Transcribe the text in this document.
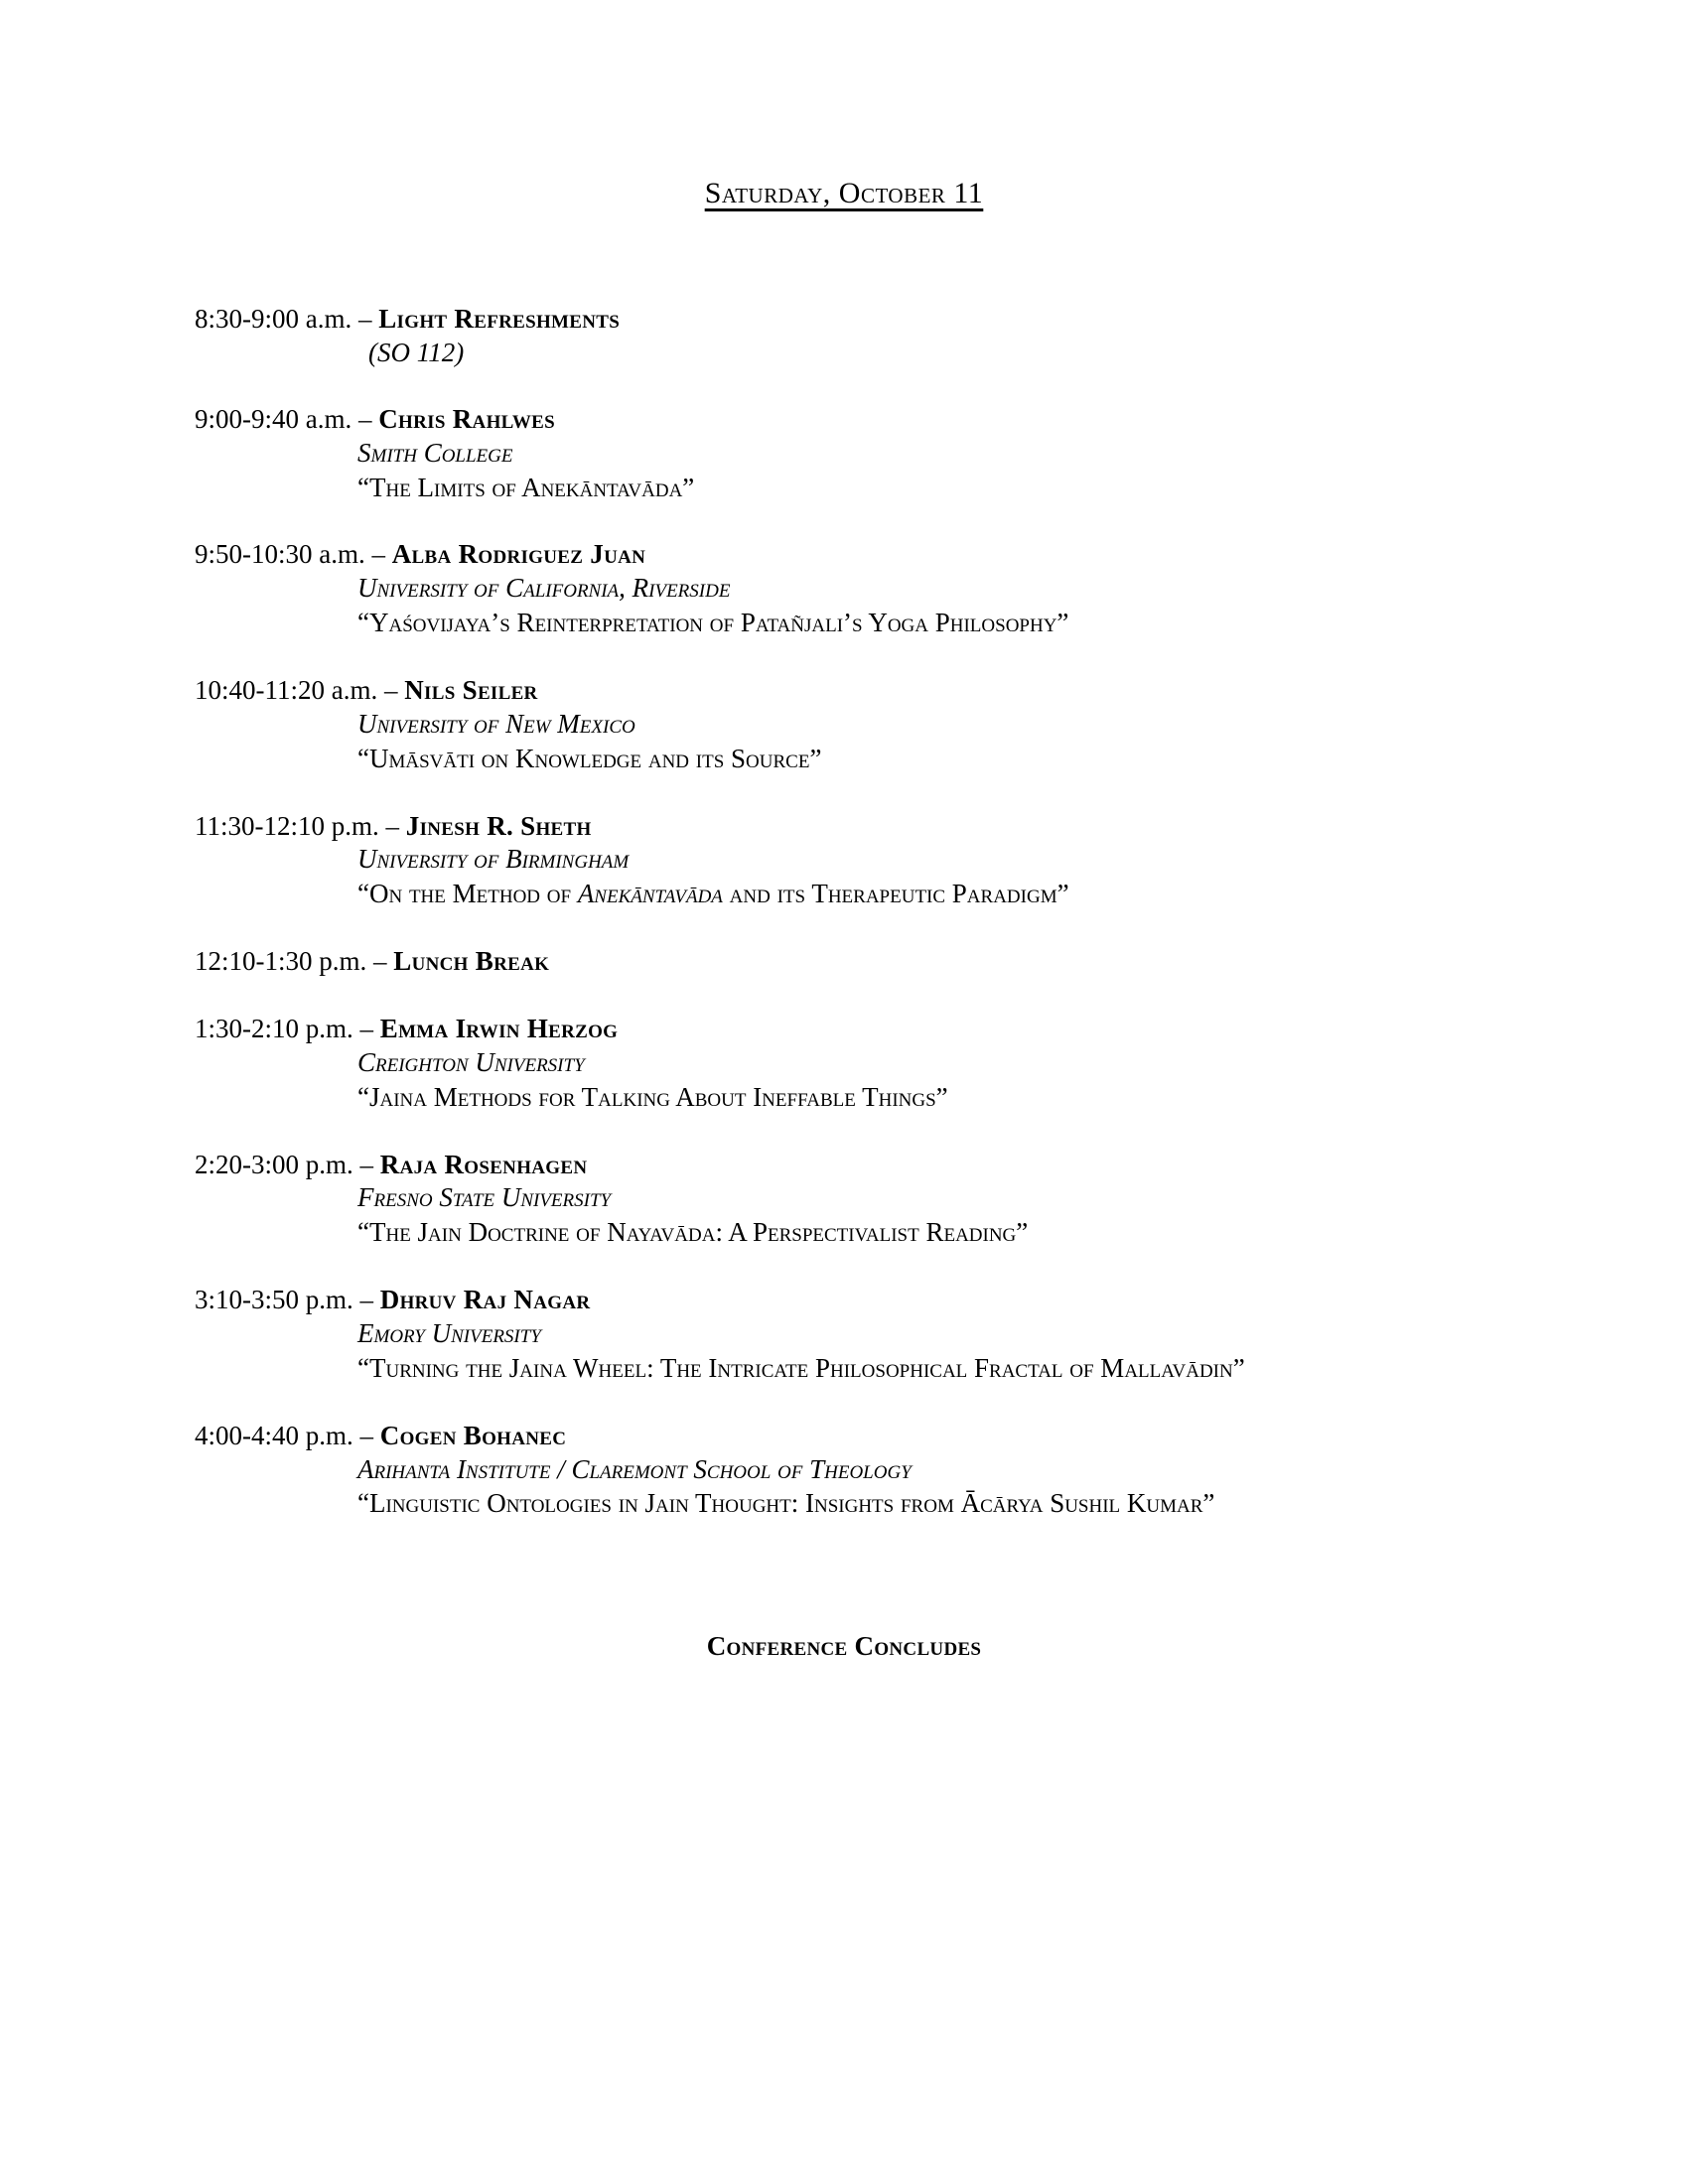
Saturday, October 11
8:30-9:00 a.m. – Light Refreshments
(SO 112)
9:00-9:40 a.m. – Chris Rahlwes
Smith College
“The Limits of Anekāntavāda”
9:50-10:30 a.m. – Alba Rodriguez Juan
University of California, Riverside
“Yaśovijaya’s Reinterpretation of Patañjali’s Yoga Philosophy”
10:40-11:20 a.m. – Nils Seiler
University of New Mexico
“Umāsvāti on Knowledge and its Source”
11:30-12:10 p.m. – Jinesh R. Sheth
University of Birmingham
“On the Method of Anekāntavāda and its Therapeutic Paradigm”
12:10-1:30 p.m. – Lunch Break
1:30-2:10 p.m. – Emma Irwin Herzog
Creighton University
“Jaina Methods for Talking About Ineffable Things”
2:20-3:00 p.m. – Raja Rosenhagen
Fresno State University
“The Jain Doctrine of Nayavāda: A Perspectivalist Reading”
3:10-3:50 p.m. – Dhruv Raj Nagar
Emory University
“Turning the Jaina Wheel: The Intricate Philosophical Fractal of Mallavādin”
4:00-4:40 p.m. – Cogen Bohanec
Arihanta Institute / Claremont School of Theology
“Linguistic Ontologies in Jain Thought: Insights from Ācārya Sushil Kumar”
Conference Concludes
